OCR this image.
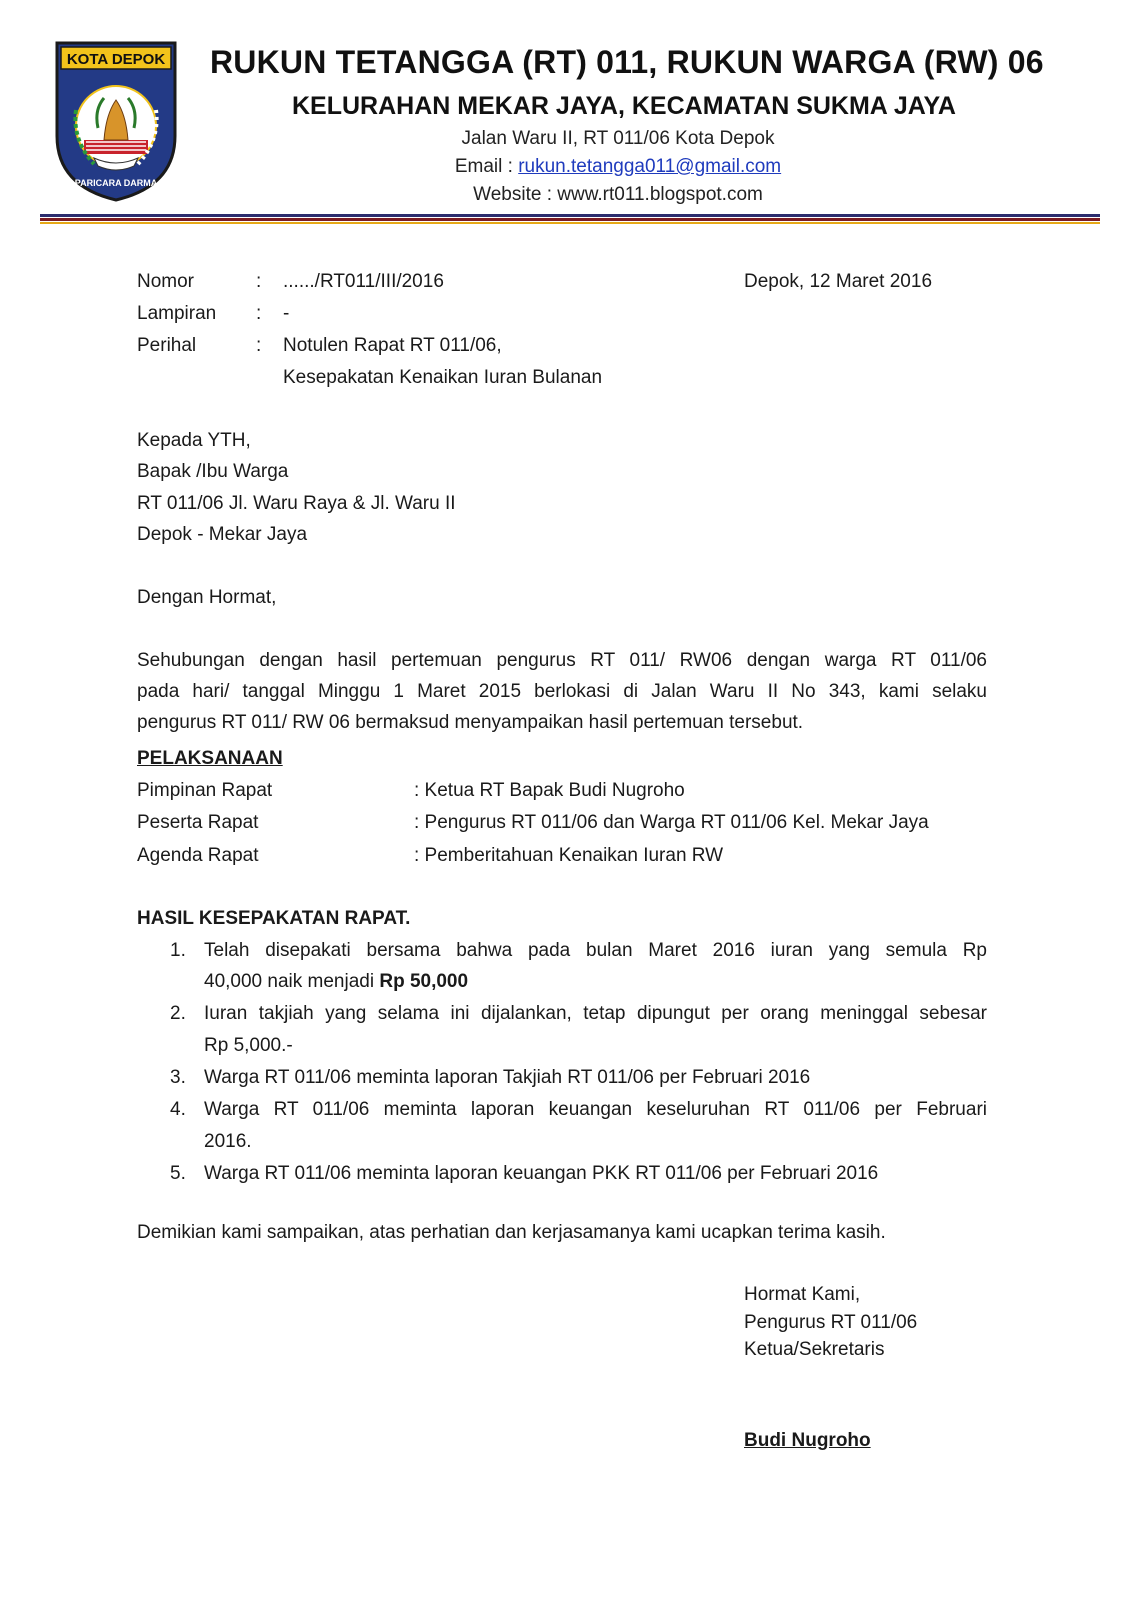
KOTA DEPOK
PARICARA DARMA
RUKUN TETANGGA (RT) 011, RUKUN WARGA (RW) 06
KELURAHAN MEKAR JAYA, KECAMATAN SUKMA JAYA
Jalan Waru II, RT 011/06 Kota Depok
Email : rukun.tetangga011@gmail.com
Website : www.rt011.blogspot.com
Nomor	: ....../RT011/III/2016	Depok, 12 Maret 2016
Lampiran : -
Perihal	: Notulen Rapat RT 011/06,
Kesepakatan Kenaikan Iuran Bulanan
Kepada YTH,
Bapak /Ibu Warga
RT 011/06 Jl. Waru Raya & Jl. Waru II
Depok - Mekar Jaya
Dengan Hormat,
Sehubungan dengan hasil pertemuan pengurus RT 011/ RW06 dengan warga RT 011/06
pada hari/ tanggal Minggu 1 Maret 2015 berlokasi di Jalan Waru II No 343, kami selaku
pengurus RT 011/ RW 06 bermaksud menyampaikan hasil pertemuan tersebut.
PELAKSANAAN
Pimpinan Rapat	: Ketua RT Bapak Budi Nugroho
Peserta Rapat	: Pengurus RT 011/06 dan Warga RT 011/06 Kel. Mekar Jaya
Agenda Rapat	: Pemberitahuan Kenaikan Iuran RW
HASIL KESEPAKATAN RAPAT.
1. Telah disepakati bersama bahwa pada bulan Maret 2016 iuran yang semula Rp
40,000 naik menjadi Rp 50,000
2. Iuran takjiah yang selama ini dijalankan, tetap dipungut per orang meninggal sebesar
Rp 5,000.-
3. Warga RT 011/06 meminta laporan Takjiah RT 011/06 per Februari 2016
4. Warga RT 011/06 meminta laporan keuangan keseluruhan RT 011/06 per Februari
2016.
5. Warga RT 011/06 meminta laporan keuangan PKK RT 011/06 per Februari 2016
Demikian kami sampaikan, atas perhatian dan kerjasamanya kami ucapkan terima kasih.
Hormat Kami,
Pengurus RT 011/06
Ketua/Sekretaris
Budi Nugroho
